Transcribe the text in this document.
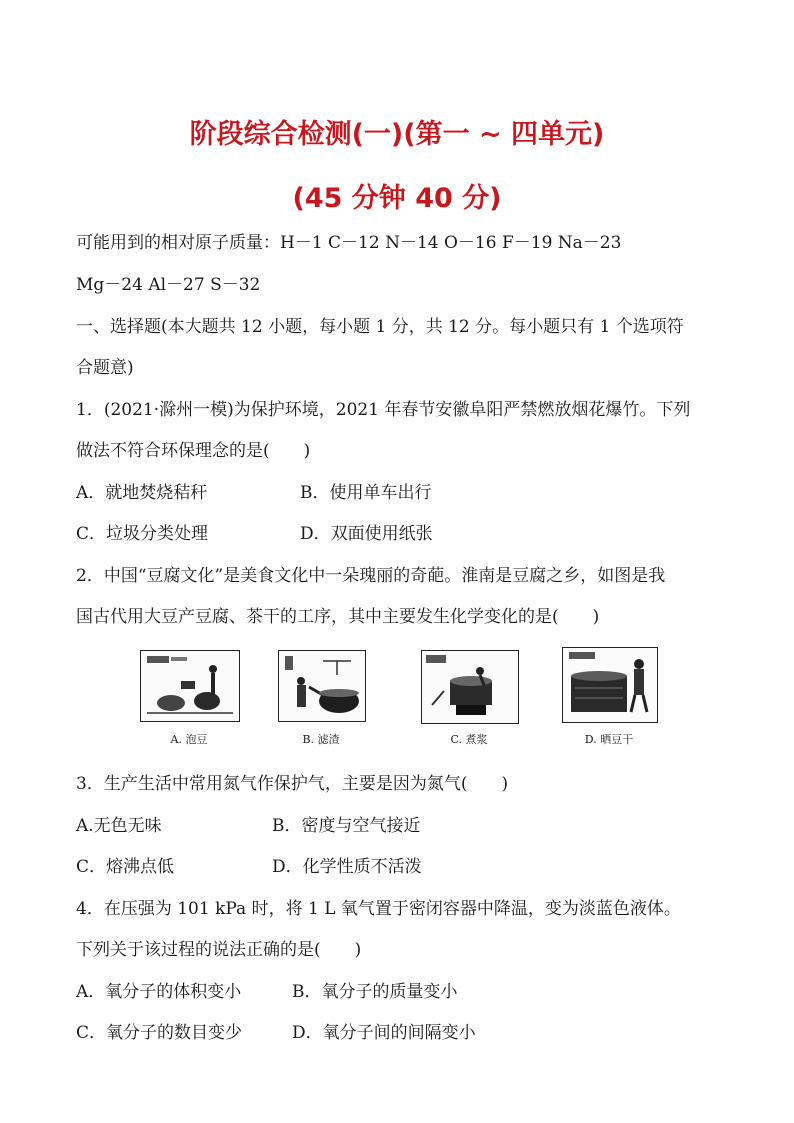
阶段综合检测(一)(第一 ~ 四单元)
(45 分钟 40 分)
可能用到的相对原子质量：H－1 C－12 N－14 O－16 F－19 Na－23
Mg－24 Al－27 S－32
一、选择题(本大题共 12 小题，每小题 1 分，共 12 分。每小题只有 1 个选项符
合题意)
1．(2021·滁州一模)为保护环境，2021 年春节安徽阜阳严禁燃放烟花爆竹。下列
做法不符合环保理念的是(　　)
A．就地焚烧秸秆	B．使用单车出行
C．垃圾分类处理	D．双面使用纸张
2．中国“豆腐文化”是美食文化中一朵瑰丽的奇葩。淮南是豆腐之乡，如图是我
国古代用大豆产豆腐、茶干的工序，其中主要发生化学变化的是(　　)
A. 泡豆	B. 滤渣	C. 煮浆	D. 晒豆干
3．生产生活中常用氮气作保护气，主要是因为氮气(　　)
A.无色无味	B．密度与空气接近
C．熔沸点低	D．化学性质不活泼
4．在压强为 101 kPa 时，将 1 L 氧气置于密闭容器中降温，变为淡蓝色液体。
下列关于该过程的说法正确的是(　　)
A．氧分子的体积变小	B．氧分子的质量变小
C．氧分子的数目变少	D．氧分子间的间隔变小
